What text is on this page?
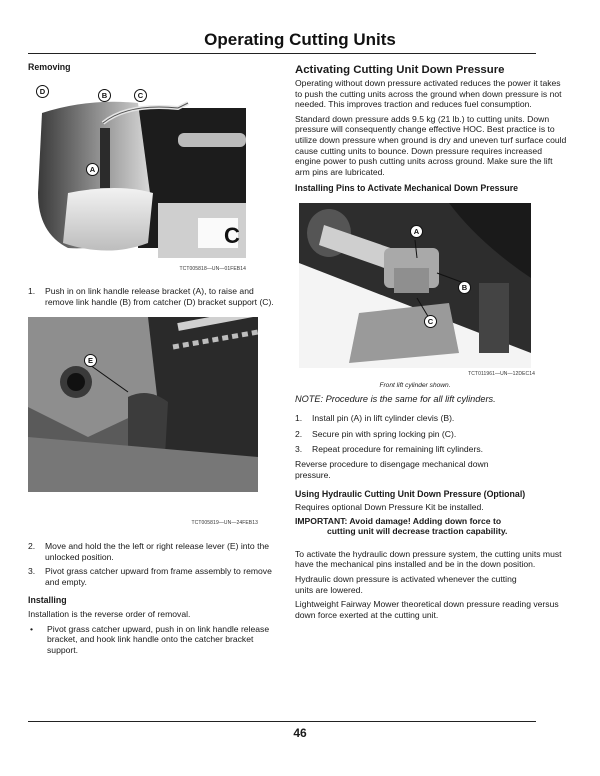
Operating Cutting Units

Removing

C
D	B	C
A
TCT005818—UN—01FEB14
1.	Push in on link handle release bracket (A), to raise and remove link handle (B) from catcher (D) bracket support (C).
E
TCT005819—UN—24FEB13
2.	Move and hold the the left or right release lever (E) into the unlocked position.
3.	Pivot grass catcher upward from frame assembly to remove and empty.

Installing

Installation is the reverse order of removal.

•	Pivot grass catcher upward, push in on link handle release bracket, and hook link handle onto the catcher bracket support.

Activating Cutting Unit Down Pressure

Operating without down pressure activated reduces the power it takes to push the cutting units across the ground when down pressure is not needed. This improves traction and reduces fuel consumption.

Standard down pressure adds 9.5 kg (21 lb.) to cutting units. Down pressure will consequently change effective HOC. Best practice is to utilize down pressure when ground is dry and uneven turf surface could cause cutting units to bounce. Down pressure requires increased engine power to push cutting units across ground. Make sure the lift arm pins are lubricated.

Installing Pins to Activate Mechanical Down Pressure

A
B
C
TCT011961—UN—12DEC14
Front lift cylinder shown.

NOTE: Procedure is the same for all lift cylinders.

1.	Install pin (A) in lift cylinder clevis (B).
2.	Secure pin with spring locking pin (C).
3.	Repeat procedure for remaining lift cylinders.

Reverse procedure to disengage mechanical down pressure.

Using Hydraulic Cutting Unit Down Pressure (Optional)

Requires optional Down Pressure Kit be installed.

IMPORTANT: Avoid damage! Adding down force to
cutting unit will decrease traction capability.

To activate the hydraulic down pressure system, the cutting units must have the mechanical pins installed and be in the down position.

Hydraulic down pressure is activated whenever the cutting units are lowered.

Lightweight Fairway Mower theoretical down pressure reading versus down force exerted at the cutting unit.

46
